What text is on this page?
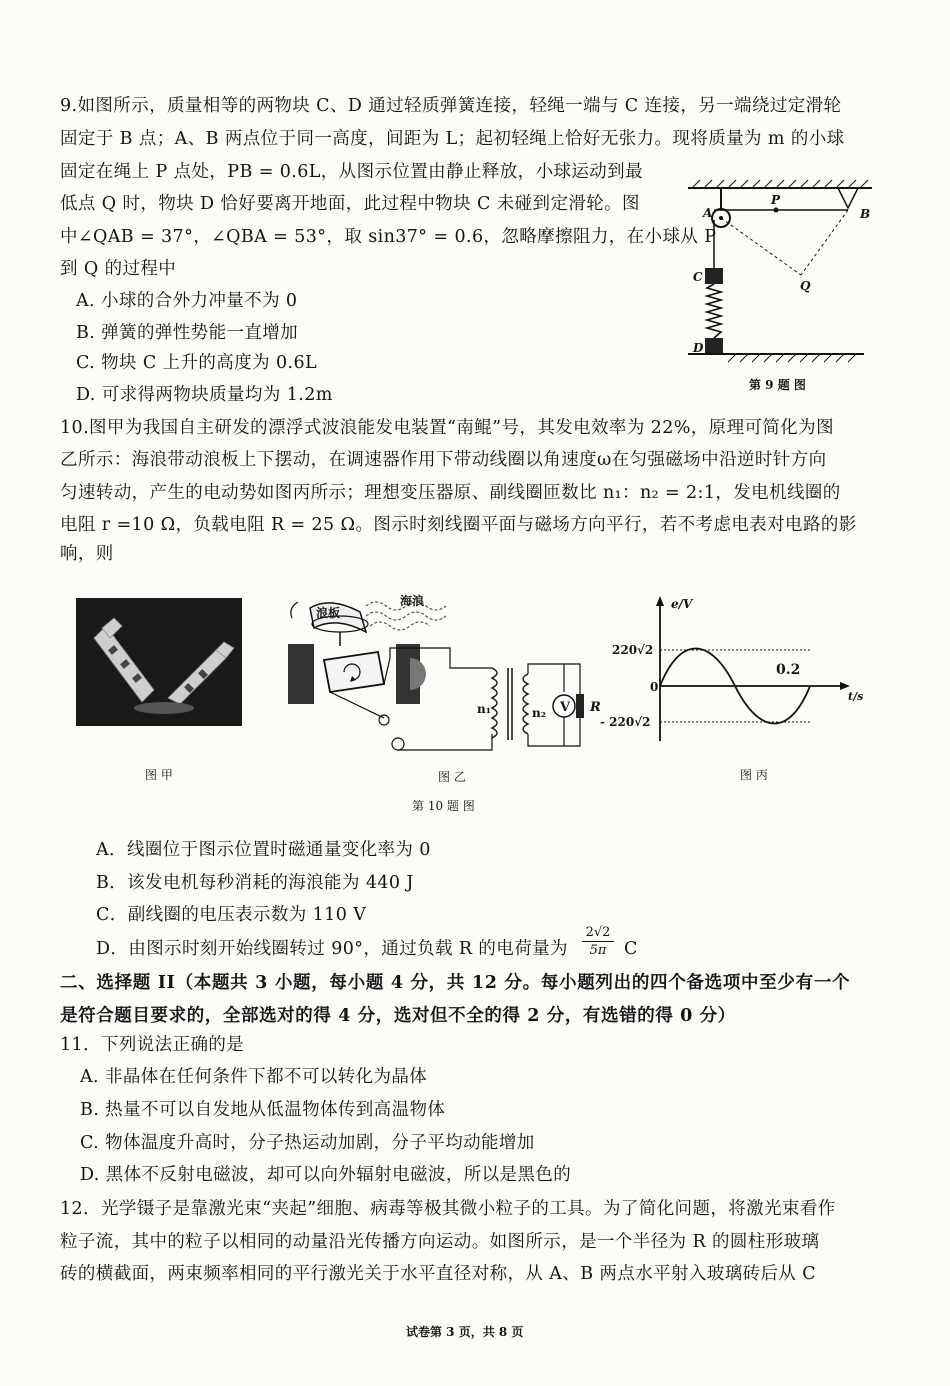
9.如图所示，质量相等的两物块 C、D 通过轻质弹簧连接，轻绳一端与 C 连接，另一端绕过定滑轮
固定于 B 点；A、B 两点位于同一高度，间距为 L；起初轻绳上恰好无张力。现将质量为 m 的小球
固定在绳上 P 点处，PB = 0.6L，从图示位置由静止释放，小球运动到最
低点 Q 时，物块 D 恰好要离开地面，此过程中物块 C 未碰到定滑轮。图
中∠QAB = 37°，∠QBA = 53°，取 sin37° = 0.6，忽略摩擦阻力，在小球从 P
到 Q 的过程中
A. 小球的合外力冲量不为 0
B. 弹簧的弹性势能一直增加
C. 物块 C 上升的高度为 0.6L
D. 可求得两物块质量均为 1.2m
A
P
B
C
Q
D
第 9 题 图
10.图甲为我国自主研发的漂浮式波浪能发电装置“南鲲”号，其发电效率为 22%，原理可简化为图
乙所示：海浪带动浪板上下摆动，在调速器作用下带动线圈以角速度ω在匀强磁场中沿逆时针方向
匀速转动，产生的电动势如图丙所示；理想变压器原、副线圈匝数比 n₁：n₂ = 2:1，发电机线圈的
电阻 r =10 Ω，负载电阻 R = 25 Ω。图示时刻线圈平面与磁场方向平行，若不考虑电表对电路的影
响，则
图 甲
浪板
海浪
n₁	n₂ V R
图 乙
e/V
t/s
220√2
- 220√2
0
0.2
图 丙
第 10 题 图
A．线圈位于图示位置时磁通量变化率为 0
B．该发电机每秒消耗的海浪能为 440 J
C．副线圈的电压表示数为 110 V
D．由图示时刻开始线圈转过 90°，通过负载 R 的电荷量为 $\frac{2√2}{5\pi}$ C
二、选择题 II（本题共 3 小题，每小题 4 分，共 12 分。每小题列出的四个备选项中至少有一个
是符合题目要求的，全部选对的得 4 分，选对但不全的得 2 分，有选错的得 0 分）
11．下列说法正确的是
A. 非晶体在任何条件下都不可以转化为晶体
B. 热量不可以自发地从低温物体传到高温物体
C. 物体温度升高时，分子热运动加剧，分子平均动能增加
D. 黑体不反射电磁波，却可以向外辐射电磁波，所以是黑色的
12．光学镊子是靠激光束“夹起”细胞、病毒等极其微小粒子的工具。为了简化问题，将激光束看作
粒子流，其中的粒子以相同的动量沿光传播方向运动。如图所示，是一个半径为 R 的圆柱形玻璃
砖的横截面，两束频率相同的平行激光关于水平直径对称，从 A、B 两点水平射入玻璃砖后从 C
试卷第 3 页，共 8 页
